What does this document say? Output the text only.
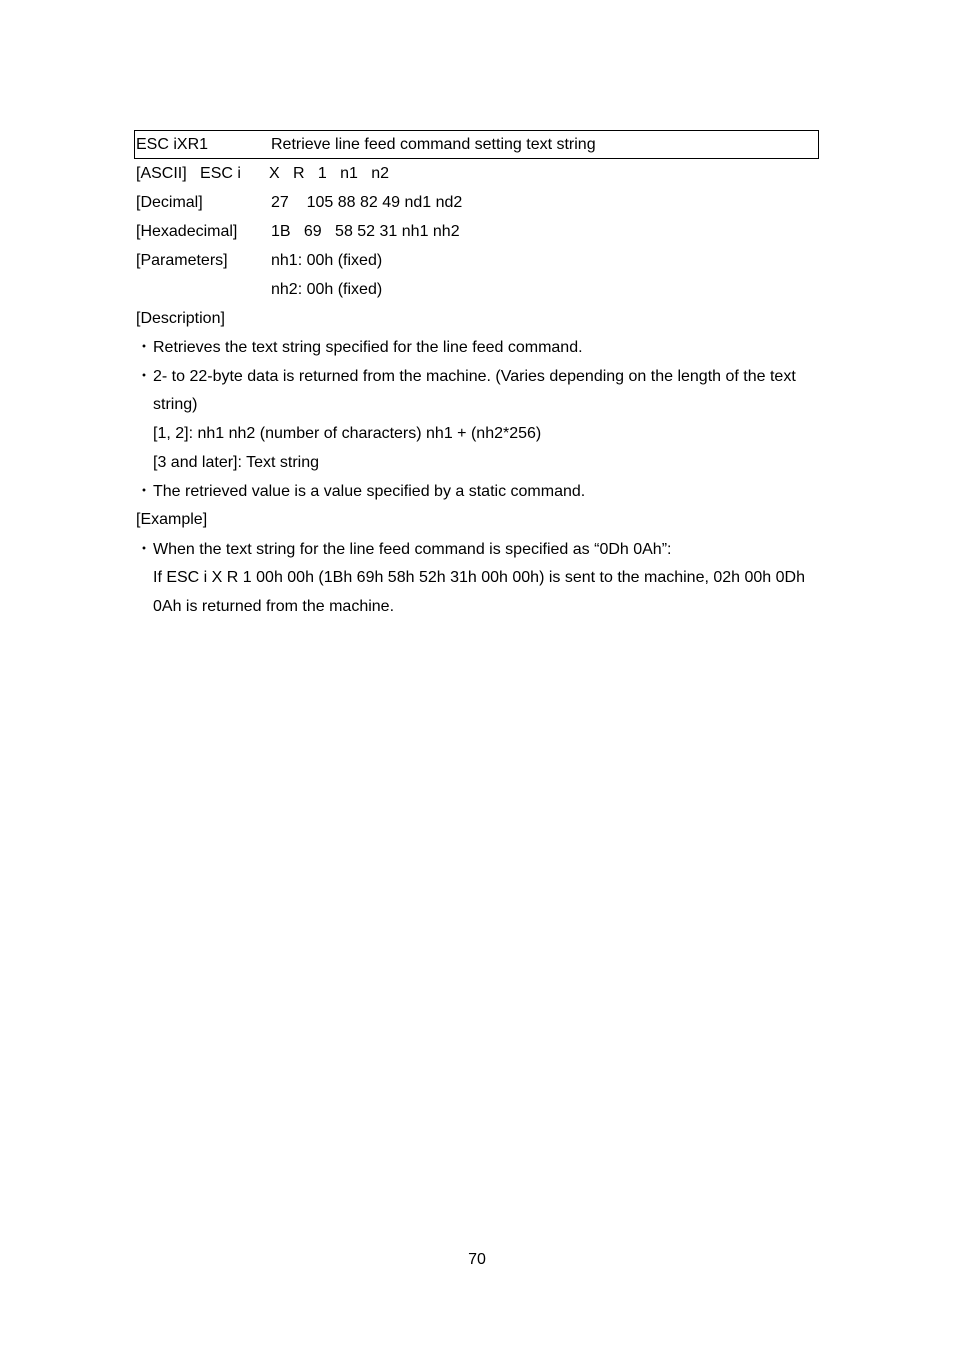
ESC iXR1	Retrieve line feed command setting text string
[ASCII]   ESC i X   R   1   n1   n2
[Decimal]	27    105 88 82 49 nd1 nd2
[Hexadecimal] 1B   69   58 52 31 nh1 nh2
[Parameters]	nh1: 00h (fixed)
nh2: 00h (fixed)
[Description]
・ Retrieves the text string specified for the line feed command.
・ 2- to 22-byte data is returned from the machine. (Varies depending on the length of the text
string)
[1, 2]: nh1 nh2 (number of characters) nh1 + (nh2*256)
[3 and later]: Text string
・ The retrieved value is a value specified by a static command.
[Example]
・ When the text string for the line feed command is specified as “0Dh 0Ah”:
If ESC i X R 1 00h 00h (1Bh 69h 58h 52h 31h 00h 00h) is sent to the machine, 02h 00h 0Dh
0Ah is returned from the machine.
70
